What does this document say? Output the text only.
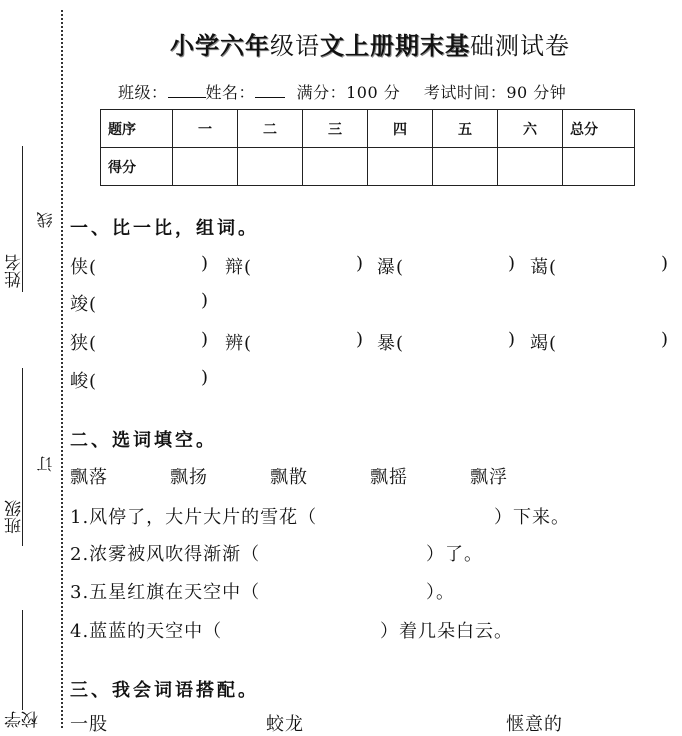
姓名
班级
学校
线
订
小学六年级语文上册期末基础测试卷
班级： 姓名：	满分：100 分 考试时间：90 分钟
题序	一	二	三	四	五	六	总分
得分							
一、比一比，组词。
侠(	) 辩(	) 瀑(	) 蔼(	)
竣(	)
狭(	) 辨(	) 暴(	) 竭(	)
峻(	)
二、选词填空。
飘落	飘扬	飘散	飘摇	飘浮
1.风停了，大片大片的雪花（	）下来。
2.浓雾被风吹得渐渐（	）了。
3.五星红旗在天空中（	）。
4.蓝蓝的天空中（	）着几朵白云。
三、我会词语搭配。
一股	蛟龙	惬意的
